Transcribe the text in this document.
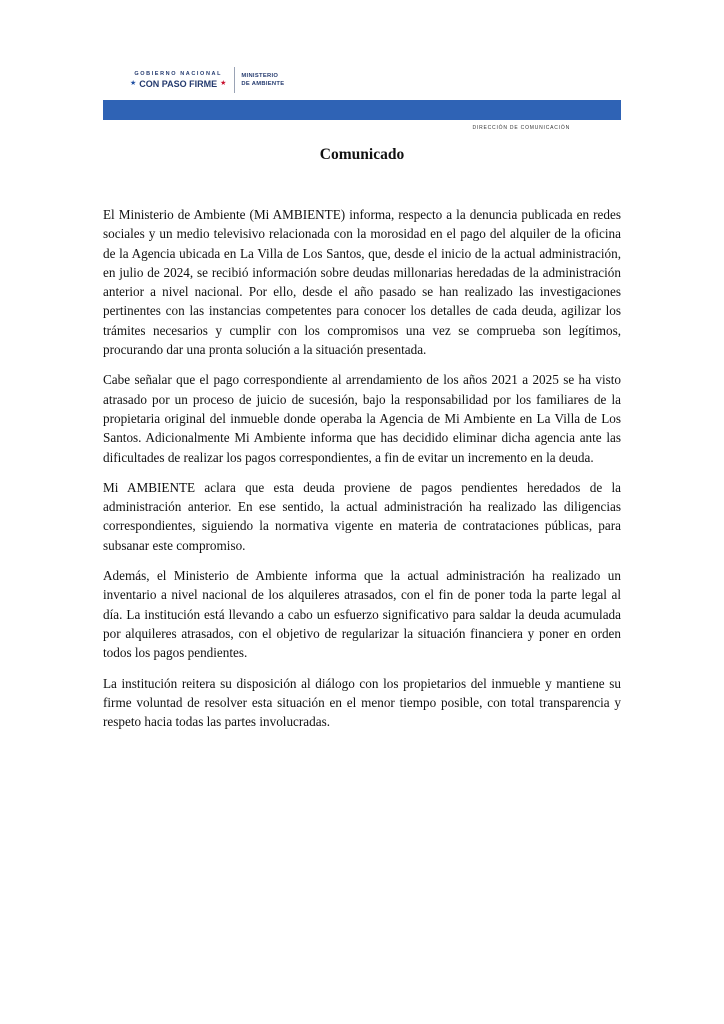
GOBIERNO NACIONAL
★ CON PASO FIRME ★
MINISTERIO
DE AMBIENTE
DIRECCIÓN DE COMUNICACIÓN
Comunicado

El Ministerio de Ambiente (Mi AMBIENTE) informa, respecto a la denuncia publicada en redes sociales y un medio televisivo relacionada con la morosidad en el pago del alquiler de la oficina de la Agencia ubicada en La Villa de Los Santos, que, desde el inicio de la actual administración, en julio de 2024, se recibió información sobre deudas millonarias heredadas de la administración anterior a nivel nacional. Por ello, desde el año pasado se han realizado las investigaciones pertinentes con las instancias competentes para conocer los detalles de cada deuda, agilizar los trámites necesarios y cumplir con los compromisos una vez se comprueba son legítimos, procurando dar una pronta solución a la situación presentada.

Cabe señalar que el pago correspondiente al arrendamiento de los años 2021 a 2025 se ha visto atrasado por un proceso de juicio de sucesión, bajo la responsabilidad por los familiares de la propietaria original del inmueble donde operaba la Agencia de Mi Ambiente en La Villa de Los Santos. Adicionalmente Mi Ambiente informa que has decidido eliminar dicha agencia ante las dificultades de realizar los pagos correspondientes, a fin de evitar un incremento en la deuda.

Mi AMBIENTE aclara que esta deuda proviene de pagos pendientes heredados de la administración anterior. En ese sentido, la actual administración ha realizado las diligencias correspondientes, siguiendo la normativa vigente en materia de contrataciones públicas, para subsanar este compromiso.

Además, el Ministerio de Ambiente informa que la actual administración ha realizado un inventario a nivel nacional de los alquileres atrasados, con el fin de poner toda la parte legal al día. La institución está llevando a cabo un esfuerzo significativo para saldar la deuda acumulada por alquileres atrasados, con el objetivo de regularizar la situación financiera y poner en orden todos los pagos pendientes.

La institución reitera su disposición al diálogo con los propietarios del inmueble y mantiene su firme voluntad de resolver esta situación en el menor tiempo posible, con total transparencia y respeto hacia todas las partes involucradas.
